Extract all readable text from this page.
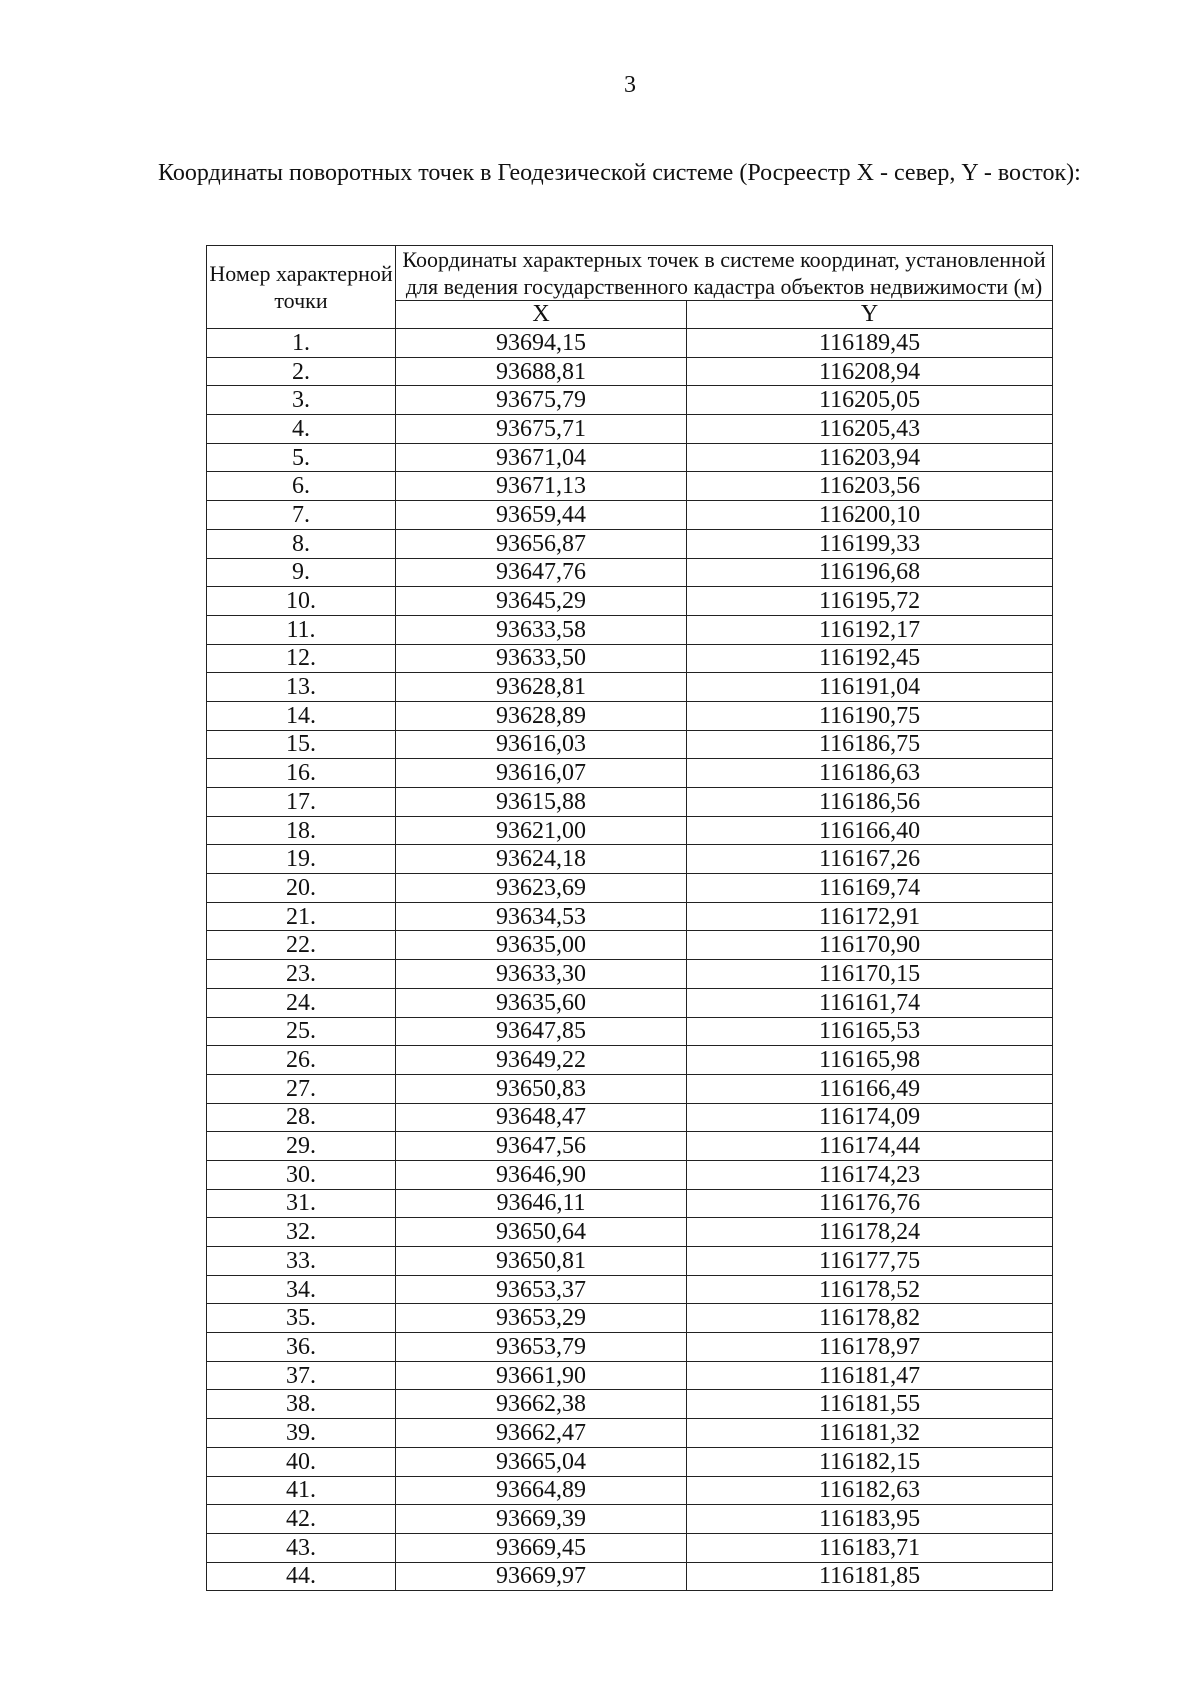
3
Координаты поворотных точек в Геодезической системе (Росреестр X - север, Y - восток):
Номер характерной точки	Координаты характерных точек в системе координат, установленной для ведения государственного кадастра объектов недвижимости (м)	
	X	Y
1.	93694,15	116189,45
2.	93688,81	116208,94
3.	93675,79	116205,05
4.	93675,71	116205,43
5.	93671,04	116203,94
6.	93671,13	116203,56
7.	93659,44	116200,10
8.	93656,87	116199,33
9.	93647,76	116196,68
10.	93645,29	116195,72
11.	93633,58	116192,17
12.	93633,50	116192,45
13.	93628,81	116191,04
14.	93628,89	116190,75
15.	93616,03	116186,75
16.	93616,07	116186,63
17.	93615,88	116186,56
18.	93621,00	116166,40
19.	93624,18	116167,26
20.	93623,69	116169,74
21.	93634,53	116172,91
22.	93635,00	116170,90
23.	93633,30	116170,15
24.	93635,60	116161,74
25.	93647,85	116165,53
26.	93649,22	116165,98
27.	93650,83	116166,49
28.	93648,47	116174,09
29.	93647,56	116174,44
30.	93646,90	116174,23
31.	93646,11	116176,76
32.	93650,64	116178,24
33.	93650,81	116177,75
34.	93653,37	116178,52
35.	93653,29	116178,82
36.	93653,79	116178,97
37.	93661,90	116181,47
38.	93662,38	116181,55
39.	93662,47	116181,32
40.	93665,04	116182,15
41.	93664,89	116182,63
42.	93669,39	116183,95
43.	93669,45	116183,71
44.	93669,97	116181,85
